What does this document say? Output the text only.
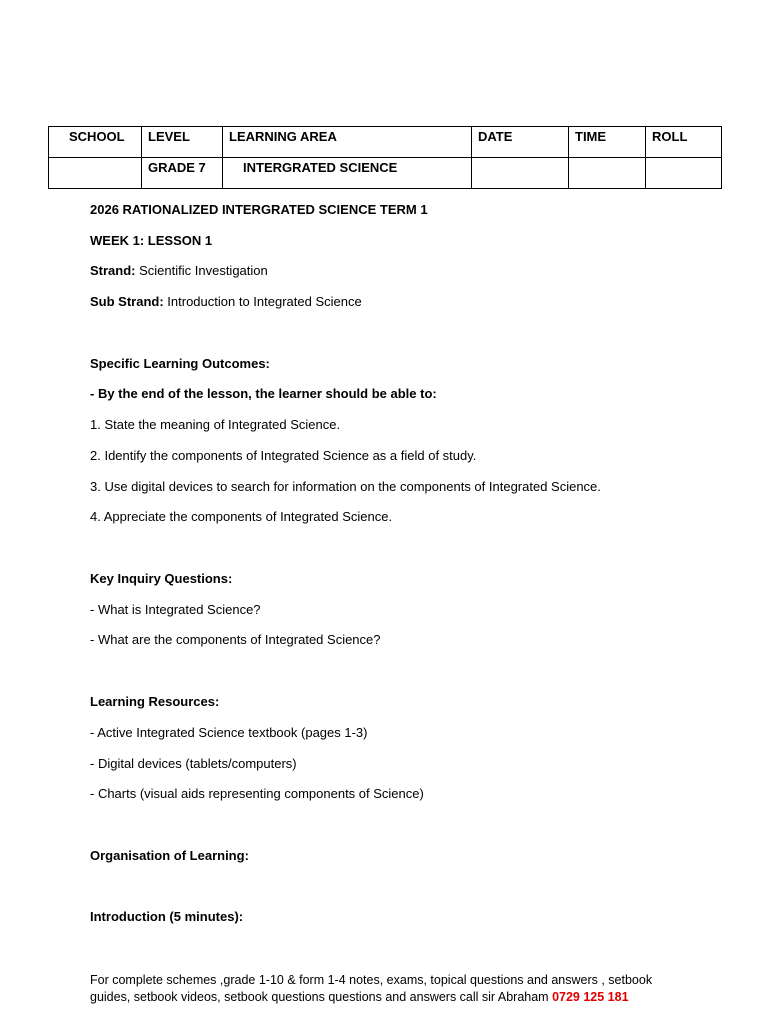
SCHOOL	LEVEL	LEARNING AREA	DATE	TIME	ROLL
	GRADE 7	INTERGRATED SCIENCE			
2026 RATIONALIZED INTERGRATED SCIENCE TERM 1
WEEK 1: LESSON 1
Strand: Scientific Investigation
Sub Strand: Introduction to Integrated Science
Specific Learning Outcomes:
- By the end of the lesson, the learner should be able to:
1. State the meaning of Integrated Science.
2. Identify the components of Integrated Science as a field of study.
3. Use digital devices to search for information on the components of Integrated Science.
4. Appreciate the components of Integrated Science.
Key Inquiry Questions:
- What is Integrated Science?
- What are the components of Integrated Science?
Learning Resources:
- Active Integrated Science textbook (pages 1-3)
- Digital devices (tablets/computers)
- Charts (visual aids representing components of Science)
Organisation of Learning:
Introduction (5 minutes):
For complete schemes ,grade 1-10 & form 1-4 notes, exams, topical questions and answers , setbook guides, setbook videos, setbook questions questions and answers call sir Abraham 0729 125 181
